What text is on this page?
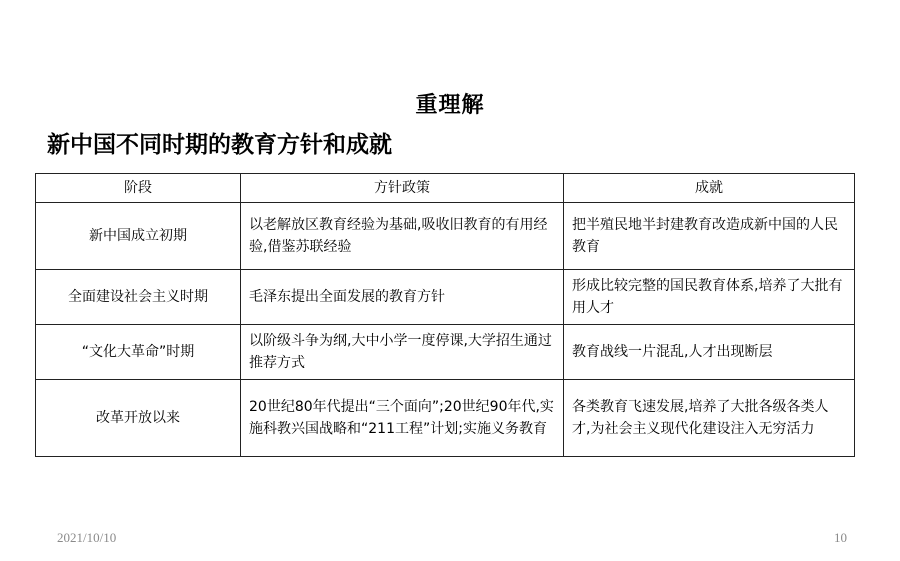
重理解
新中国不同时期的教育方针和成就
阶段	方针政策	成就
新中国成立初期	以老解放区教育经验为基础,吸收旧教育的有用经验,借鉴苏联经验	把半殖民地半封建教育改造成新中国的人民教育
全面建设社会主义时期	毛泽东提出全面发展的教育方针	形成比较完整的国民教育体系,培养了大批有用人才
“文化大革命”时期	以阶级斗争为纲,大中小学一度停课,大学招生通过推荐方式	教育战线一片混乱,人才出现断层
改革开放以来	20世纪80年代提出“三个面向”;20世纪90年代,实施科教兴国战略和“211工程”计划;实施义务教育	各类教育飞速发展,培养了大批各级各类人才,为社会主义现代化建设注入无穷活力
2021/10/10	10
